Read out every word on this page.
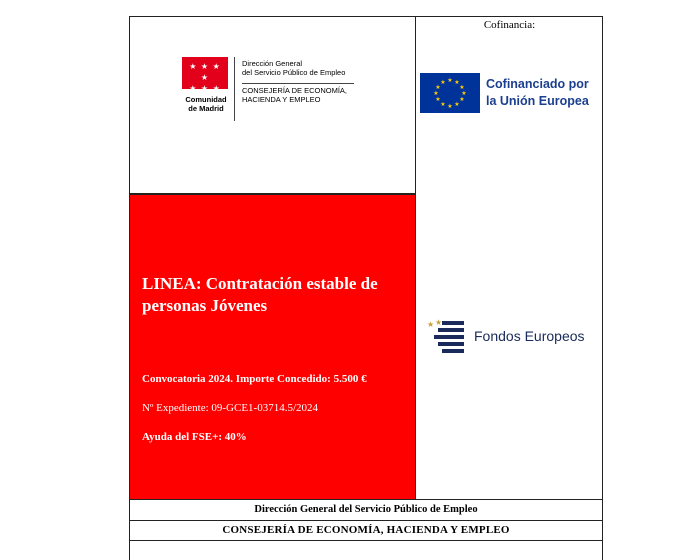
★ ★ ★ ★
★ ★ ★
Comunidad
de Madrid
Dirección General
del Servicio Público de Empleo
CONSEJERÍA DE ECONOMÍA,
HACIENDA Y EMPLEO
Cofinancia:
★ ★
★
★
★
★
★
★
★
★
★
★	Cofinanciado por
la Unión Europea
★ ★
Fondos Europeos
LINEA: Contratación estable de personas Jóvenes
Convocatoria 2024. Importe Concedido: 5.500 €
Nº Expediente: 09-GCE1-03714.5/2024
Ayuda del FSE+: 40%
Dirección General del Servicio Público de Empleo
CONSEJERÍA DE ECONOMÍA, HACIENDA Y EMPLEO
